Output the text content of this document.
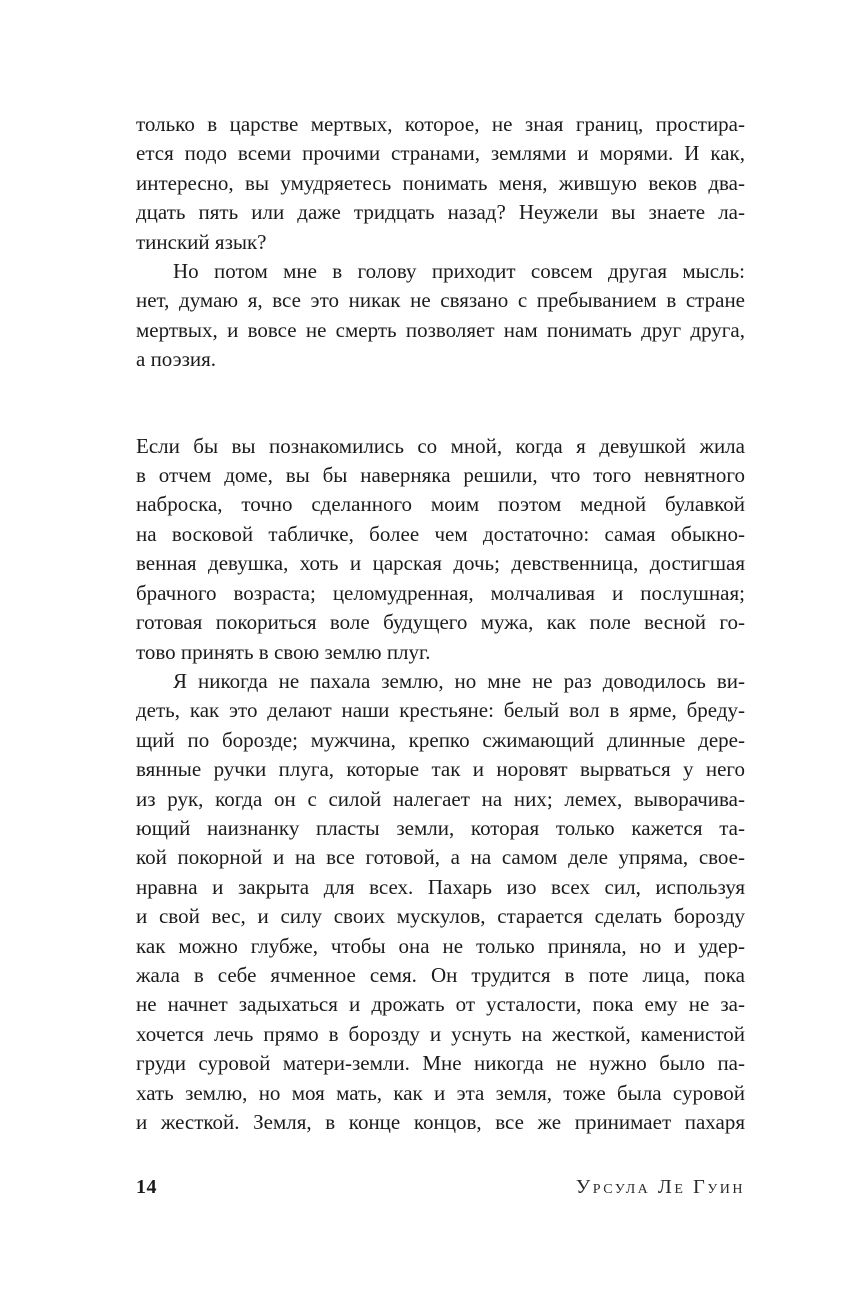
только в царстве мертвых, которое, не зная границ, простира-
ется подо всеми прочими странами, землями и морями. И как,
интересно, вы умудряетесь понимать меня, жившую веков два-
дцать пять или даже тридцать назад? Неужели вы знаете ла-
тинский язык?
Но потом мне в голову приходит совсем другая мысль:
нет, думаю я, все это никак не связано с пребыванием в стране
мертвых, и вовсе не смерть позволяет нам понимать друг друга,
а поэзия.
Если бы вы познакомились со мной, когда я девушкой жила
в отчем доме, вы бы наверняка решили, что того невнятного
наброска, точно сделанного моим поэтом медной булавкой
на восковой табличке, более чем достаточно: самая обыкно-
венная девушка, хоть и царская дочь; девственница, достигшая
брачного возраста; целомудренная, молчаливая и послушная;
готовая покориться воле будущего мужа, как поле весной го-
тово принять в свою землю плуг.
Я никогда не пахала землю, но мне не раз доводилось ви-
деть, как это делают наши крестьяне: белый вол в ярме, бреду-
щий по борозде; мужчина, крепко сжимающий длинные дере-
вянные ручки плуга, которые так и норовят вырваться у него
из рук, когда он с силой налегает на них; лемех, выворачива-
ющий наизнанку пласты земли, которая только кажется та-
кой покорной и на все готовой, а на самом деле упряма, свое-
нравна и закрыта для всех. Пахарь изо всех сил, используя
и свой вес, и силу своих мускулов, старается сделать борозду
как можно глубже, чтобы она не только приняла, но и удер-
жала в себе ячменное семя. Он трудится в поте лица, пока
не начнет задыхаться и дрожать от усталости, пока ему не за-
хочется лечь прямо в борозду и уснуть на жесткой, каменистой
груди суровой матери-земли. Мне никогда не нужно было па-
хать землю, но моя мать, как и эта земля, тоже была суровой
и жесткой. Земля, в конце концов, все же принимает пахаря
14	Урсула Ле Гуин
